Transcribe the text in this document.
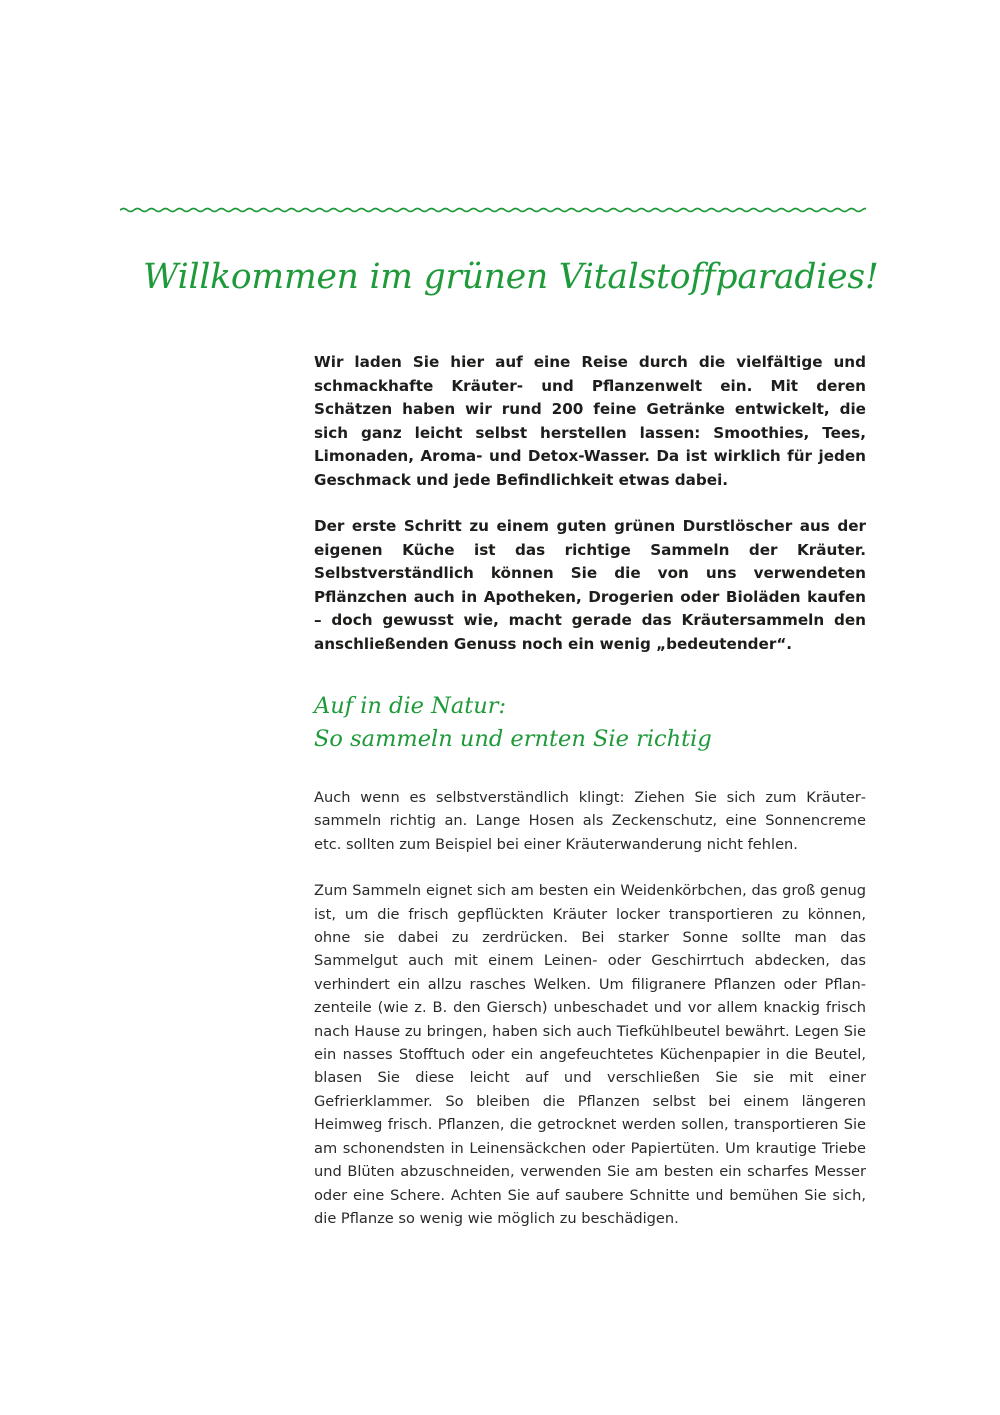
Willkommen im grünen Vitalstoffparadies!

Wir laden Sie hier auf eine Reise durch die vielfältige und schmackhafte Kräuter- und Pflanzenwelt ein. Mit deren Schätzen haben wir rund 200 feine Getränke entwickelt, die sich ganz leicht selbst herstellen lassen: Smoothies, Tees, Limonaden, Aroma- und Detox-Wasser. Da ist wirklich für jeden Geschmack und jede Befindlichkeit etwas dabei.

Der erste Schritt zu einem guten grünen Durstlöscher aus der eigenen Küche ist das richtige Sammeln der Kräuter. Selbstverständlich können Sie die von uns verwendeten Pflänzchen auch in Apotheken, Drogerien oder Bioläden kaufen – doch gewusst wie, macht gerade das Kräutersammeln den anschließenden Genuss noch ein wenig „bedeutender“.

Auf in die Natur:
So sammeln und ernten Sie richtig

Auch wenn es selbstverständlich klingt: Ziehen Sie sich zum Kräutersammeln richtig an. Lange Hosen als Zeckenschutz, eine Sonnencreme etc. sollten zum Beispiel bei einer Kräuterwanderung nicht fehlen.

Zum Sammeln eignet sich am besten ein Weidenkörbchen, das groß genug ist, um die frisch gepflückten Kräuter locker transportieren zu können, ohne sie dabei zu zerdrücken. Bei starker Sonne sollte man das Sammelgut auch mit einem Leinen- oder Geschirrtuch abdecken, das verhindert ein allzu rasches Welken. Um filigranere Pflanzen oder Pflanzenteile (wie z. B. den Giersch) unbeschadet und vor allem knackig frisch nach Hause zu bringen, haben sich auch Tiefkühlbeutel bewährt. Legen Sie ein nasses Stofftuch oder ein angefeuchtetes Küchenpapier in die Beutel, blasen Sie diese leicht auf und verschließen Sie sie mit einer Gefrierklammer. So bleiben die Pflanzen selbst bei einem längeren Heimweg frisch. Pflanzen, die getrocknet werden sollen, transportieren Sie am schonendsten in Leinensäckchen oder Papiertüten. Um krautige Triebe und Blüten abzuschneiden, verwenden Sie am besten ein scharfes Messer oder eine Schere. Achten Sie auf saubere Schnitte und bemühen Sie sich, die Pflanze so wenig wie möglich zu beschädigen.
